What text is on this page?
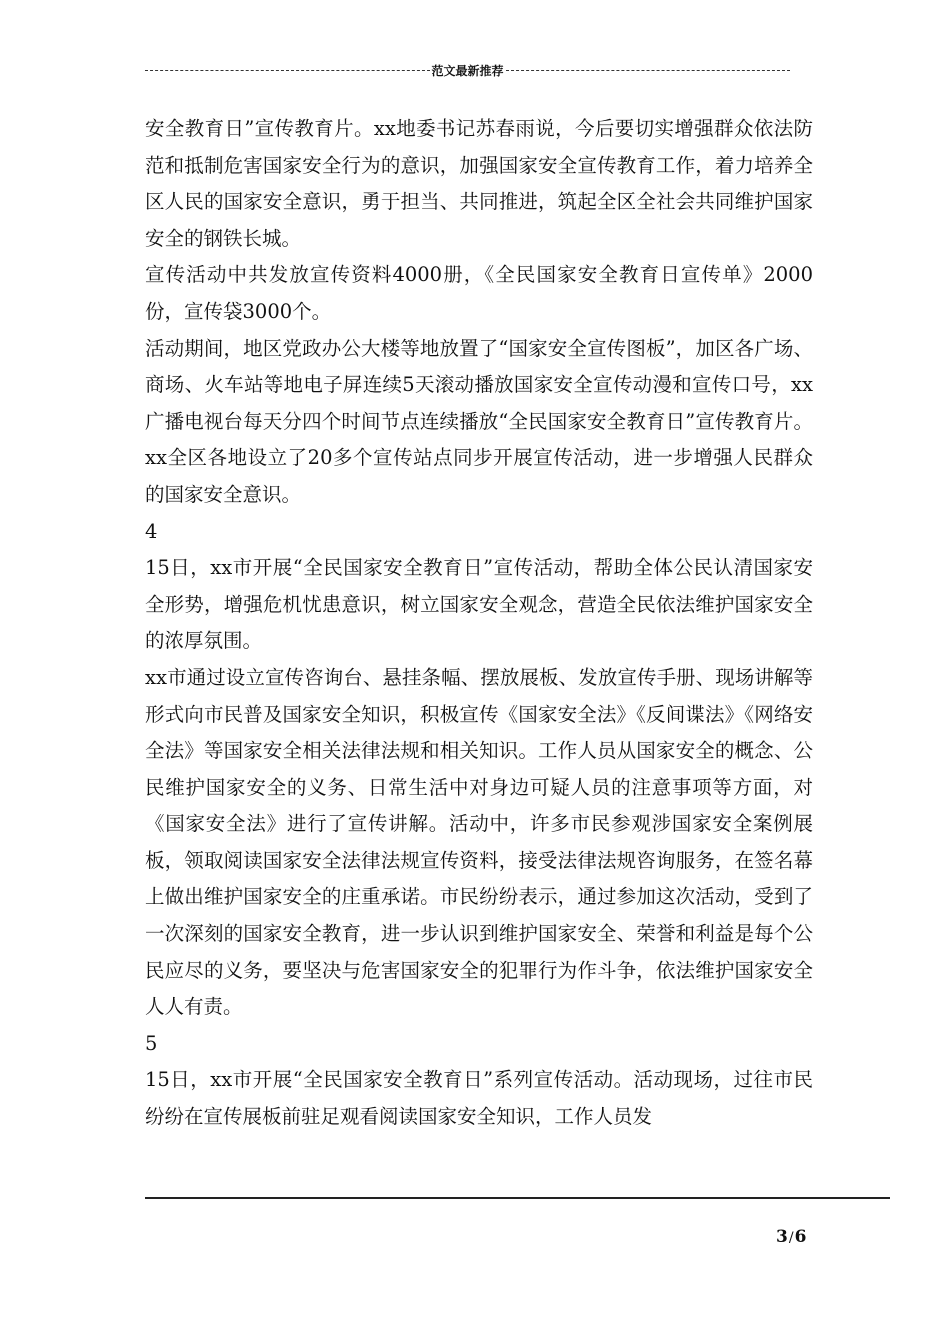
范文最新推荐

安全教育日”宣传教育片。xx地委书记苏春雨说，今后要切实增强群众依法防范和抵制危害国家安全行为的意识，加强国家安全宣传教育工作，着力培养全区人民的国家安全意识，勇于担当、共同推进，筑起全区全社会共同维护国家安全的钢铁长城。

宣传活动中共发放宣传资料4000册，《全民国家安全教育日宣传单》2000份，宣传袋3000个。

活动期间，地区党政办公大楼等地放置了“国家安全宣传图板”，加区各广场、商场、火车站等地电子屏连续5天滚动播放国家安全宣传动漫和宣传口号，xx广播电视台每天分四个时间节点连续播放“全民国家安全教育日”宣传教育片。xx全区各地设立了20多个宣传站点同步开展宣传活动，进一步增强人民群众的国家安全意识。

4

15日，xx市开展“全民国家安全教育日”宣传活动，帮助全体公民认清国家安全形势，增强危机忧患意识，树立国家安全观念，营造全民依法维护国家安全的浓厚氛围。

xx市通过设立宣传咨询台、悬挂条幅、摆放展板、发放宣传手册、现场讲解等形式向市民普及国家安全知识，积极宣传《国家安全法》《反间谍法》《网络安全法》等国家安全相关法律法规和相关知识。工作人员从国家安全的概念、公民维护国家安全的义务、日常生活中对身边可疑人员的注意事项等方面，对《国家安全法》进行了宣传讲解。活动中，许多市民参观涉国家安全案例展板，领取阅读国家安全法律法规宣传资料，接受法律法规咨询服务，在签名幕上做出维护国家安全的庄重承诺。市民纷纷表示，通过参加这次活动，受到了一次深刻的国家安全教育，进一步认识到维护国家安全、荣誉和利益是每个公民应尽的义务，要坚决与危害国家安全的犯罪行为作斗争，依法维护国家安全人人有责。

5

15日，xx市开展“全民国家安全教育日”系列宣传活动。活动现场，过往市民纷纷在宣传展板前驻足观看阅读国家安全知识，工作人员发

3/6
